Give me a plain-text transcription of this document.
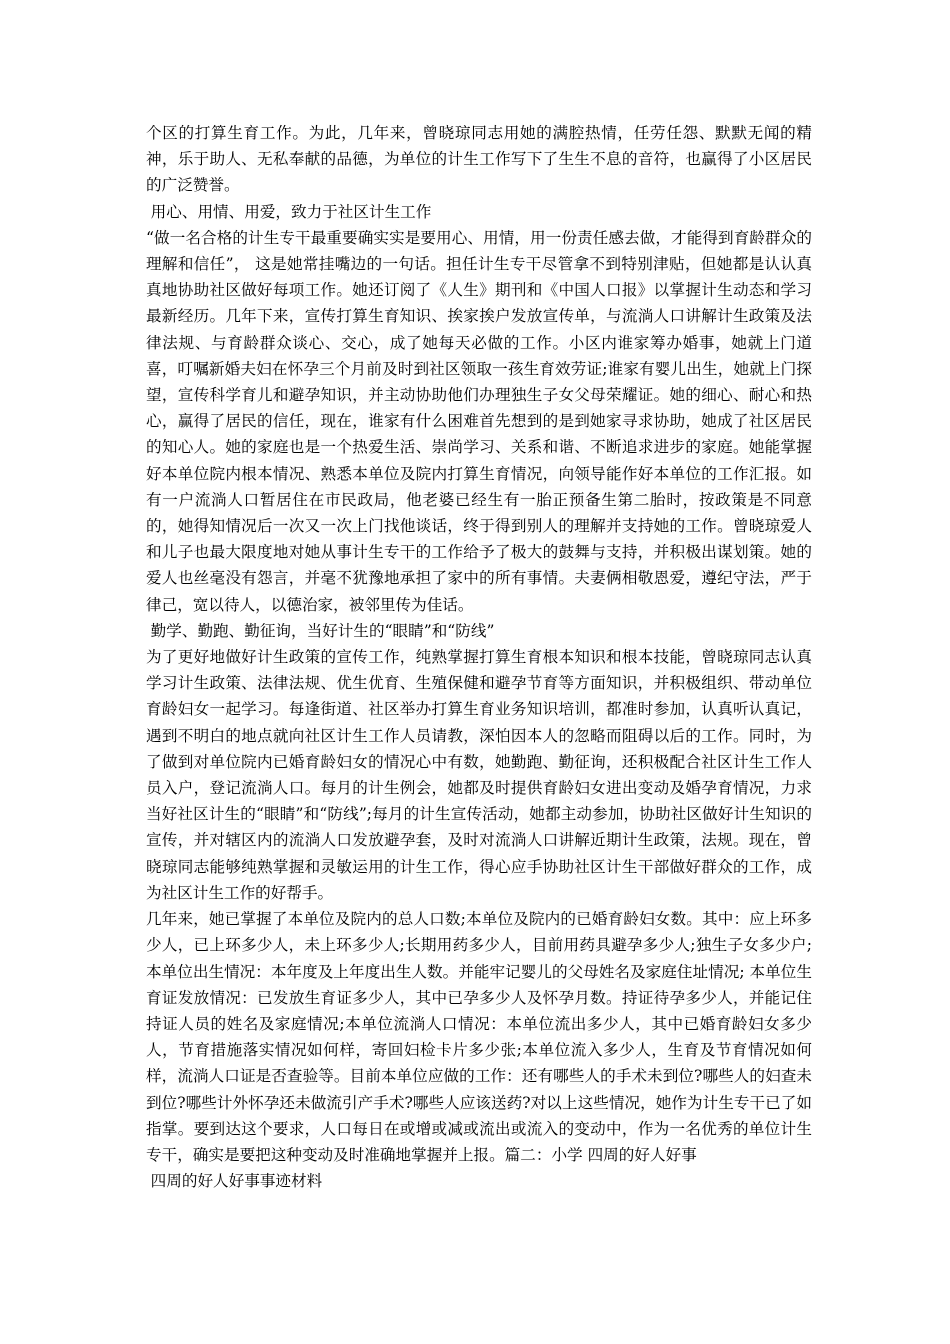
个区的打算生育工作。为此，几年来，曾晓琼同志用她的满腔热情，任劳任怨、默默无闻的精神，乐于助人、无私奉献的品德，为单位的计生工作写下了生生不息的音符，也赢得了小区居民的广泛赞誉。

用心、用情、用爱，致力于社区计生工作

“做一名合格的计生专干最重要确实实是要用心、用情，用一份责任感去做，才能得到育龄群众的理解和信任”， 这是她常挂嘴边的一句话。担任计生专干尽管拿不到特别津贴，但她都是认认真真地协助社区做好每项工作。她还订阅了《人生》期刊和《中国人口报》以掌握计生动态和学习最新经历。几年下来，宣传打算生育知识、挨家挨户发放宣传单，与流淌人口讲解计生政策及法律法规、与育龄群众谈心、交心，成了她每天必做的工作。小区内谁家筹办婚事，她就上门道喜，叮嘱新婚夫妇在怀孕三个月前及时到社区领取一孩生育效劳证;谁家有婴儿出生，她就上门探望，宣传科学育儿和避孕知识，并主动协助他们办理独生子女父母荣耀证。她的细心、耐心和热心，赢得了居民的信任，现在，谁家有什么困难首先想到的是到她家寻求协助，她成了社区居民的知心人。她的家庭也是一个热爱生活、崇尚学习、关系和谐、不断追求进步的家庭。她能掌握好本单位院内根本情况、熟悉本单位及院内打算生育情况，向领导能作好本单位的工作汇报。如有一户流淌人口暂居住在市民政局，他老婆已经生有一胎正预备生第二胎时，按政策是不同意的，她得知情况后一次又一次上门找他谈话，终于得到别人的理解并支持她的工作。曾晓琼爱人和儿子也最大限度地对她从事计生专干的工作给予了极大的鼓舞与支持，并积极出谋划策。她的爱人也丝毫没有怨言，并毫不犹豫地承担了家中的所有事情。夫妻俩相敬恩爱，遵纪守法，严于律己，宽以待人，以德治家，被邻里传为佳话。

勤学、勤跑、勤征询，当好计生的“眼睛”和“防线”

为了更好地做好计生政策的宣传工作，纯熟掌握打算生育根本知识和根本技能，曾晓琼同志认真学习计生政策、法律法规、优生优育、生殖保健和避孕节育等方面知识，并积极组织、带动单位育龄妇女一起学习。每逢街道、社区举办打算生育业务知识培训，都准时参加，认真听认真记，遇到不明白的地点就向社区计生工作人员请教，深怕因本人的忽略而阻碍以后的工作。同时，为了做到对单位院内已婚育龄妇女的情况心中有数，她勤跑、勤征询，还积极配合社区计生工作人员入户，登记流淌人口。每月的计生例会，她都及时提供育龄妇女进出变动及婚孕育情况，力求当好社区计生的“眼睛”和“防线”;每月的计生宣传活动，她都主动参加，协助社区做好计生知识的宣传，并对辖区内的流淌人口发放避孕套，及时对流淌人口讲解近期计生政策，法规。现在，曾晓琼同志能够纯熟掌握和灵敏运用的计生工作，得心应手协助社区计生干部做好群众的工作，成为社区计生工作的好帮手。

几年来，她已掌握了本单位及院内的总人口数;本单位及院内的已婚育龄妇女数。其中：应上环多少人，已上环多少人，未上环多少人;长期用药多少人，目前用药具避孕多少人;独生子女多少户;本单位出生情况：本年度及上年度出生人数。并能牢记婴儿的父母姓名及家庭住址情况; 本单位生育证发放情况：已发放生育证多少人，其中已孕多少人及怀孕月数。持证待孕多少人，并能记住持证人员的姓名及家庭情况;本单位流淌人口情况：本单位流出多少人，其中已婚育龄妇女多少人，节育措施落实情况如何样，寄回妇检卡片多少张;本单位流入多少人，生育及节育情况如何样，流淌人口证是否查验等。目前本单位应做的工作：还有哪些人的手术未到位?哪些人的妇查未到位?哪些计外怀孕还未做流引产手术?哪些人应该送药?对以上这些情况，她作为计生专干已了如指掌。要到达这个要求，人口每日在或增或减或流出或流入的变动中，作为一名优秀的单位计生专干，确实是要把这种变动及时准确地掌握并上报。篇二：小学 四周的好人好事

四周的好人好事事迹材料
